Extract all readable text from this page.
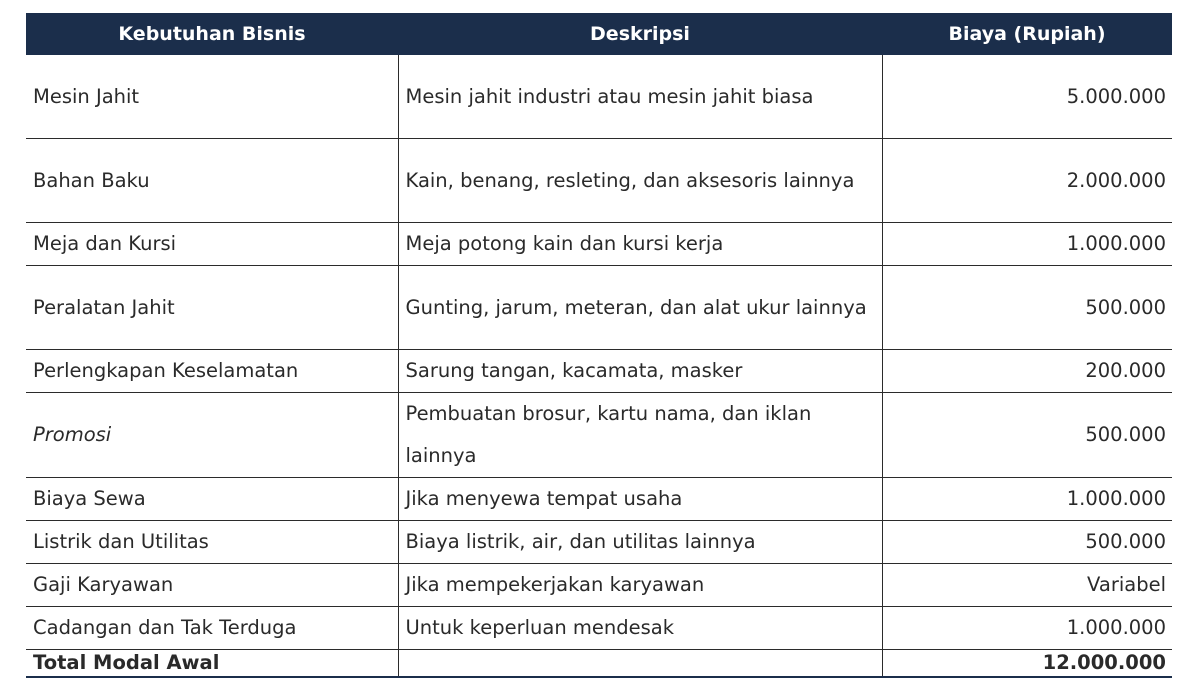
Kebutuhan Bisnis	Deskripsi	Biaya (Rupiah)
Mesin Jahit	Mesin jahit industri atau mesin jahit biasa	5.000.000
Bahan Baku	Kain, benang, resleting, dan aksesoris lainnya	2.000.000
Meja dan Kursi	Meja potong kain dan kursi kerja	1.000.000
Peralatan Jahit	Gunting, jarum, meteran, dan alat ukur lainnya	500.000
Perlengkapan Keselamatan	Sarung tangan, kacamata, masker	200.000
Promosi	Pembuatan brosur, kartu nama, dan iklan lainnya	500.000
Biaya Sewa	Jika menyewa tempat usaha	1.000.000
Listrik dan Utilitas	Biaya listrik, air, dan utilitas lainnya	500.000
Gaji Karyawan	Jika mempekerjakan karyawan	Variabel
Cadangan dan Tak Terduga	Untuk keperluan mendesak	1.000.000
Total Modal Awal		12.000.000
